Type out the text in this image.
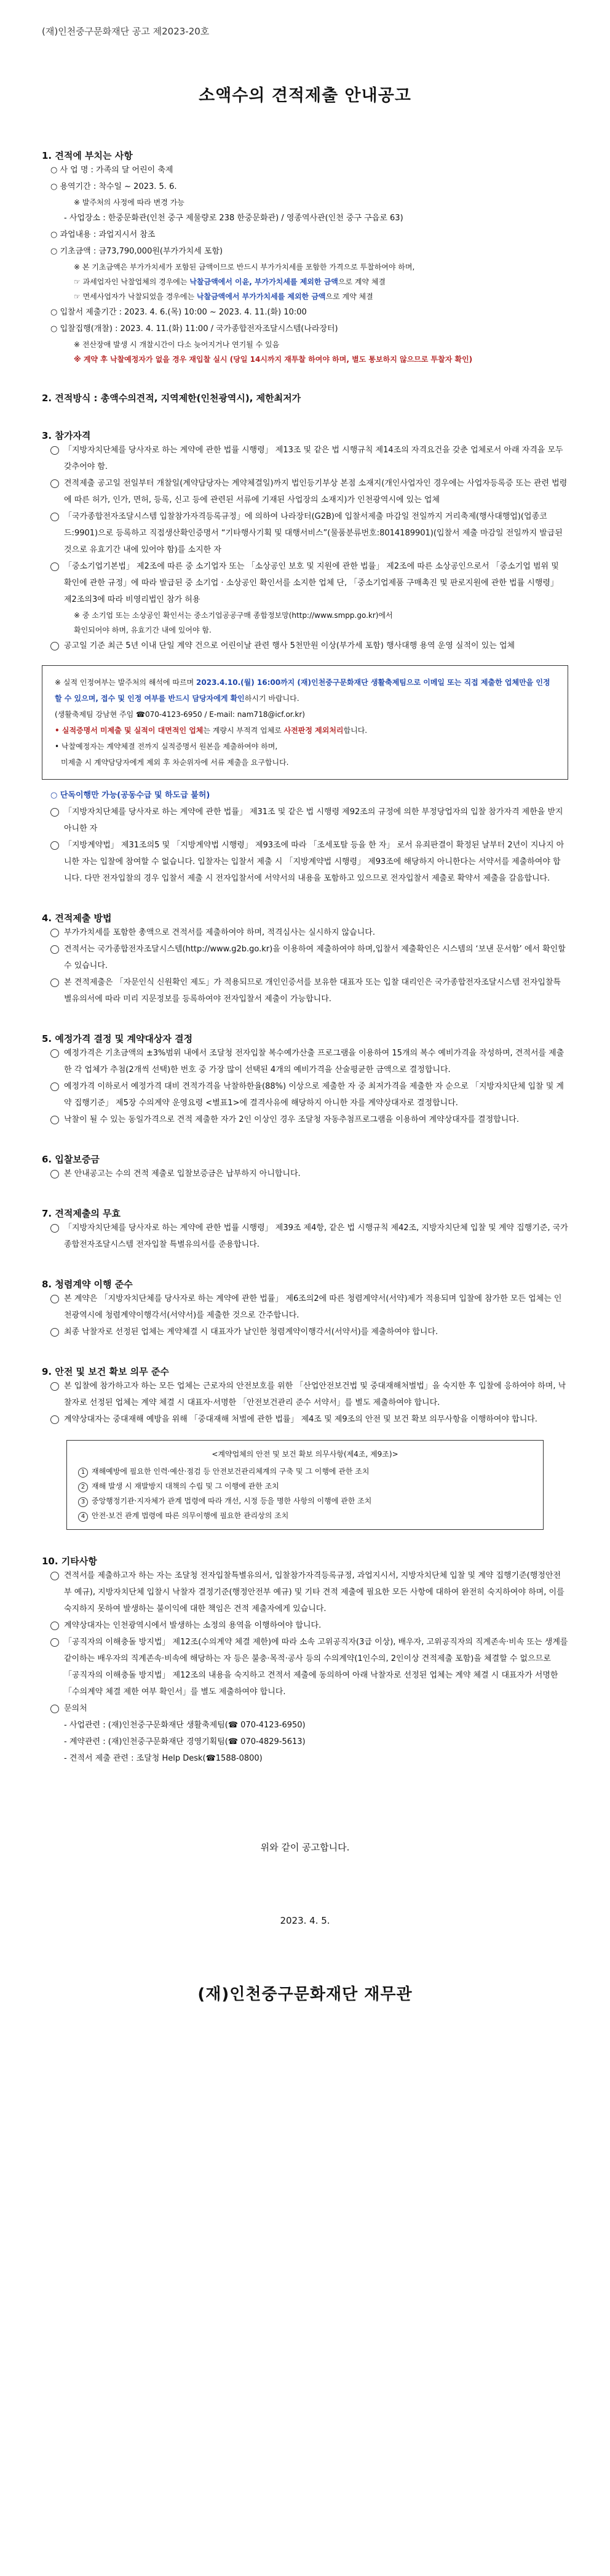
(재)인천중구문화재단 공고 제2023-20호
소액수의 견적제출 안내공고
1. 견적에 부치는 사항
○ 사 업 명 : 가족의 달 어린이 축제
○ 용역기간 : 착수일 ~ 2023. 5. 6.
※ 발주처의 사정에 따라 변경 가능
- 사업장소 : 한중문화관(인천 중구 제물량로 238 한중문화관) / 영종역사관(인천 중구 구읍로 63)
○ 과업내용 : 과업지시서 참조
○ 기초금액 : 금73,790,000원(부가가치세 포함)
※ 본 기초금액은 부가가치세가 포함된 금액이므로 반드시 부가가치세를 포함한 가격으로 투찰하여야 하며,
☞ 과세업자인 낙찰업체의 경우에는 낙찰금액에서 이윤, 부가가치세를 제외한 금액으로 계약 체결
☞ 면세사업자가 낙찰되었을 경우에는 낙찰금액에서 부가가치세를 제외한 금액으로 계약 체결
○ 입찰서 제출기간 : 2023. 4. 6.(목) 10:00 ~ 2023. 4. 11.(화) 10:00
○ 입찰집행(개찰) : 2023. 4. 11.(화) 11:00 / 국가종합전자조달시스템(나라장터)
※ 전산장애 발생 시 개찰시간이 다소 늦어지거나 연기될 수 있음
※ 계약 후 낙찰예정자가 없을 경우 재입찰 실시 (당일 14시까지 재투찰 하여야 하며, 별도 통보하지 않으므로 투찰자 확인)
2. 견적방식 : 총액수의견적, 지역제한(인천광역시), 제한최저가
3. 참가자격
「지방자치단체를 당사자로 하는 계약에 관한 법률 시행령」 제13조 및 같은 법 시행규칙 제14조의 자격요건을 갖춘 업체로서 아래 자격을 모두 갖추어야 함.
견적제출 공고일 전일부터 개찰일(계약담당자는 계약체결일)까지 법인등기부상 본점 소재지(개인사업자인 경우에는 사업자등록증 또는 관련 법령에 따른 허가, 인가, 면허, 등록, 신고 등에 관련된 서류에 기재된 사업장의 소재지)가 인천광역시에 있는 업체
「국가종합전자조달시스템 입찰참가자격등록규정」에 의하여 나라장터(G2B)에 입찰서제출 마감일 전일까지 거리축제(행사대행업)(업종코드:9901)으로 등록하고 직접생산확인증명서 “기타행사기획 및 대행서비스”(물품분류번호:8014189901)(입찰서 제출 마감일 전일까지 발급된 것으로 유효기간 내에 있어야 함)를 소지한 자
「중소기업기본법」 제2조에 따른 중 소기업자 또는 「소상공인 보호 및 지원에 관한 법률」 제2조에 따른 소상공인으로서 「중소기업 범위 및 확인에 관한 규정」에 따라 발급된 중 소기업 · 소상공인 확인서를 소지한 업체 단, 「중소기업제품 구매촉진 및 판로지원에 관한 법률 시행령」 제2조의3에 따라 비영리법인 참가 허용
※ 중 소기업 또는 소상공인 확인서는 중소기업공공구매 종합정보망(http://www.smpp.go.kr)에서
확인되어야 하며, 유효기간 내에 있어야 함.
공고일 기준 최근 5년 이내 단일 계약 건으로 어린이날 관련 행사 5천만원 이상(부가세 포함) 행사대행 용역 운영 실적이 있는 업체
※ 실적 인정여부는 발주처의 해석에 따르며 2023.4.10.(월) 16:00까지 (재)인천중구문화재단 생활축제팀으로 이메일 또는 직접 제출한 업체만을 인정할 수 있으며, 접수 및 인정 여부를 반드시 담당자에게 확인하시기 바랍니다.
(생활축제팀 강남현 주임 ☎070-4123-6950 / E-mail: nam718@icf.or.kr)
• 실적증명서 미제출 및 실적이 대면적인 업체는 계량시 부적격 업체로 사전판정 제외처리합니다.
• 낙찰예정자는 계약체결 전까지 실적증명서 원본을 제출하여야 하며,
미제출 시 계약담당자에게 제외 후 차순위자에 서류 제출을 요구합니다.
○ 단독이행만 가능(공동수급 및 하도급 불허)
「지방자치단체를 당사자로 하는 계약에 관한 법률」 제31조 및 같은 법 시행령 제92조의 규정에 의한 부정당업자의 입찰 참가자격 제한을 받지 아니한 자
「지방계약법」 제31조의5 및 「지방계약법 시행령」 제93조에 따라 「조세포탈 등을 한 자」 로서 유죄판결이 확정된 날부터 2년이 지나지 아니한 자는 입찰에 참여할 수 없습니다. 입찰자는 입찰서 제출 시 「지방계약법 시행령」 제93조에 해당하지 아니한다는 서약서를 제출하여야 합니다. 다만 전자입찰의 경우 입찰서 제출 시 전자입찰서에 서약서의 내용을 포함하고 있으므로 전자입찰서 제출로 확약서 제출을 갈음합니다.
4. 견적제출 방법
부가가치세를 포함한 총액으로 견적서를 제출하여야 하며, 적격심사는 실시하지 않습니다.
견적서는 국가종합전자조달시스템(http://www.g2b.go.kr)을 이용하여 제출하여야 하며,입찰서 제출확인은 시스템의 ‘보낸 문서함’ 에서 확인할 수 있습니다.
본 견적제출은 「자문인식 신원확인 제도」가 적용되므로 개인인증서를 보유한 대표자 또는 입찰 대리인은 국가종합전자조달시스템 전자입찰특별유의서에 따라 미리 지문정보를 등록하여야 전자입찰서 제출이 가능합니다.
5. 예정가격 결정 및 계약대상자 결정
예정가격은 기초금액의 ±3%범위 내에서 조달청 전자입찰 복수예가산출 프로그램을 이용하여 15개의 복수 예비가격을 작성하며, 견적서를 제출한 각 업체가 추첨(2개씩 선택)한 번호 중 가장 많이 선택된 4개의 예비가격을 산술평균한 금액으로 결정합니다.
예정가격 이하로서 예정가격 대비 견적가격을 낙찰하한율(88%) 이상으로 제출한 자 중 최저가격을 제출한 자 순으로 「지방자치단체 입찰 및 계약 집행기준」 제5장 수의계약 운영요령 <별표1>에 결격사유에 해당하지 아니한 자를 계약상대자로 결정합니다.
낙찰이 될 수 있는 동일가격으로 견적 제출한 자가 2인 이상인 경우 조달청 자동추첨프로그램을 이용하여 계약상대자를 결정합니다.
6. 입찰보증금
본 안내공고는 수의 견적 제출로 입찰보증금은 납부하지 아니합니다.
7. 견적제출의 무효
「지방자치단체를 당사자로 하는 계약에 관한 법률 시행령」 제39조 제4항, 같은 법 시행규칙 제42조, 지방자치단체 입찰 및 계약 집행기준, 국가종합전자조달시스템 전자입찰 특별유의서를 준용합니다.
8. 청렴계약 이행 준수
본 계약은 「지방자치단체를 당사자로 하는 계약에 관한 법률」 제6조의2에 따른 청렴계약서(서약)제가 적용되며 입찰에 참가한 모든 업체는 인천광역시에 청렴계약이행각서(서약서)를 제출한 것으로 간주합니다.
최종 낙찰자로 선정된 업체는 계약체결 시 대표자가 날인한 청렴계약이행각서(서약서)를 제출하여야 합니다.
9. 안전 및 보건 확보 의무 준수
본 입찰에 참가하고자 하는 모든 업체는 근로자의 안전보호를 위한 「산업안전보건법 및 중대재해처벌법」을 숙지한 후 입찰에 응하여야 하며, 낙찰자로 선정된 업체는 계약 체결 시 대표자·서명한 「안전보건관리 준수 서약서」를 별도 제출하여야 합니다.
계약상대자는 중대재해 예방을 위해 「중대재해 처벌에 관한 법률」 제4조 및 제9조의 안전 및 보건 확보 의무사항을 이행하여야 합니다.
<계약업체의 안전 및 보건 확보 의무사항(제4조, 제9조)>
1 재해예방에 필요한 인력·예산·점검 등 안전보건관리체계의 구축 및 그 이행에 관한 조치
2 재해 발생 시 재발방지 대책의 수립 및 그 이행에 관한 조치
3 중앙행정기관·지자체가 관계 법령에 따라 개선, 시정 등을 명한 사항의 이행에 관한 조치
4 안전·보건 관계 법령에 따른 의무이행에 필요한 관리상의 조치
10. 기타사항
견적서를 제출하고자 하는 자는 조달청 전자입찰특별유의서, 입찰참가자격등록규정, 과업지시서, 지방자치단체 입찰 및 계약 집행기준(행정안전부 예규), 지방자치단체 입찰시 낙찰자 결정기준(행정안전부 예규) 및 기타 견적 제출에 필요한 모든 사항에 대하여 완전히 숙지하여야 하며, 이를 숙지하지 못하여 발생하는 불이익에 대한 책임은 견적 제출자에게 있습니다.
계약상대자는 인천광역시에서 발생하는 소정의 용역을 이행하여야 합니다.
「공직자의 이해충돌 방지법」 제12조(수의계약 체결 제한)에 따라 소속 고위공직자(3급 이상), 배우자, 고위공직자의 직계존속·비속 또는 생계를 같이하는 배우자의 직계존속·비속에 해당하는 자 등은 불충·목적·공사 등의 수의계약(1인수의, 2인이상 견적제출 포함)을 체결할 수 없으므로 「공직자의 이해충돌 방지법」 제12조의 내용을 숙지하고 견적서 제출에 동의하여 아래 낙찰자로 선정된 업체는 계약 체결 시 대표자가 서명한 「수의계약 체결 제한 여부 확인서」를 별도 제출하여야 합니다.
문의처
- 사업관련 : (재)인천중구문화재단 생활축제팀(☎ 070-4123-6950)
- 계약관련 : (재)인천중구문화재단 경영기획팀(☎ 070-4829-5613)
- 견적서 제출 관련 : 조달청 Help Desk(☎1588-0800)
위와 같이 공고합니다.
2023. 4. 5.
(재)인천중구문화재단 재무관
